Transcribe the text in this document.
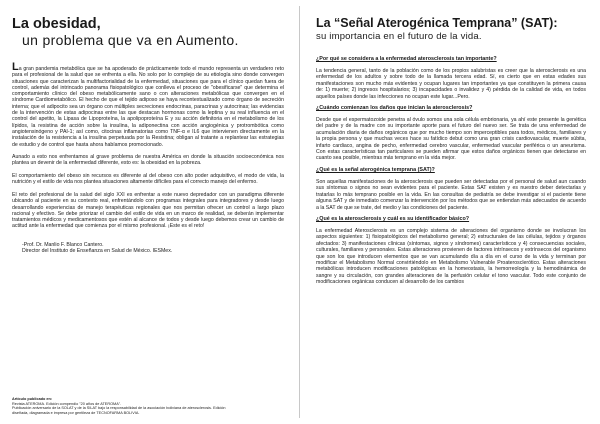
La obesidad,
un problema que va en Aumento.

La gran pandemia metabólica que se ha apoderado de prácticamente todo el mundo representa un verdadero reto para el profesional de la salud que se enfrenta a ella. No solo por lo complejo de su etiología sino donde convergen situaciones que caracterizan la multifactorialidad de la enfermedad, situaciones que para el clínico quedan fuera de control, además del intrincado panorama fisiopatológico que conlleva el proceso de "obesificarse" que determina el comportamiento clínico del obeso metabólicamente sano o con alteraciones metabólicas que convergen en el síndrome Cardiometabólico. El hecho de que el tejido adiposo se haya recontextualizado como órgano de secreción interna; que el adipocito sea un órgano con múltiples secreciones endocrinas, paracrinas y autocrinas; las evidencias de la intervención de estas adipocinas entre las que destacan hormonas como la leptina y su real influencia en el control del apetito, la Lipasa de Lipoproteína, la apolipoproteína E y su acción definitoria en el metabolismo de los lípidos, la resistina de acción sobre la insulina, la adiponectina con acción angiogénica y protrombótica como angiotensinógeno y PAI-1; así como, citocinas inflamatorias como TNF-α e IL6 que intervienen directamente en la instalación de la resistencia a la insulina perpetuada por la Resistina; obligan al tratante a replantear las estrategias de estudio y de control que hasta ahora habíamos promocionado.

Aunado a esto nos enfrentamos al grave problema de nuestra América en donde la situación socioeconómica nos plantea un devenir de la enfermedad diferente, esto es: la obesidad en la pobreza.

El comportamiento del obeso sin recursos es diferente al del obeso con alto poder adquisitivo, el modo de vida, la nutrición y el estilo de vida nos plantea situaciones altamente difíciles para el correcto manejo del enfermo.

El reto del profesional de la salud del siglo XXI es enfrentar a este nuevo depredador con un paradigma diferente ubicando al paciente en su contexto real, enfrentándolo con programas integrales para integradores y desde luego desarrollando experiencias de manejo terapéuticas regionales que nos permitan ofrecer un control a largo plazo racional y efectivo. Se debe priorizar el cambio del estilo de vida en un marco de realidad, se deberán implementar tratamientos médicos y medicamentosos que estén al alcance de todos y desde luego debemos crear un cambio de actitud ante la enfermedad que comienza por el mismo profesional. ¡Este es el reto!

-Prof. Dr. Manlio F. Blanco Cantero.
Director del Instituto de Enseñanza en Salud de México. IESMex.

Artículo publicado en:

Revista ATEROMA. Edición compendio "20 años de ATEROMA".

Publicación aniversario de la SOLAT y de la SILAT bajo la responsabilidad de la asociación boliviana de aterosclerosis. Edición

diseñada, diagramada e impresa por gentileza de TECNOFARMA BOLIVIA.

La “Señal Aterogénica Temprana” (SAT):
su importancia en el futuro de la vida.
¿Por qué se considera a la enfermedad aterosclerosis tan importante?
La tendencia general, tanto de la población como de los propios salubristas es creer que la aterosclerosis es una enfermedad de los adultos y sobre todo de la llamada tercera edad. Sí, es cierto que en estas edades sus manifestaciones son mucho más evidentes y ocupan lugares tan importantes ya que constituyen la primera causa de: 1) muerte; 2) ingresos hospitalarios; 3) incapacidades o invalidez y 4) pérdida de la calidad de vida, en todos aquellos países donde las infecciones no ocupan este lugar...Pero.
¿Cuándo comienzan los daños que inician la aterosclerosis?
Desde que el espermatozoide penetra al óvulo somos una sola célula embrionaria, ya ahí este presente la genética del padre y de la madre con su importante aporte para el futuro del nuevo ser. Se trata de una enfermedad de acumulación diaria de daños orgánicos que por mucho tiempo son imperceptibles para todos, médicos, familiares y la propia persona y que muchas veces hace su fatídico debut como una gran crisis cardiovascular, muerte súbita, infarto cardiaco, angina de pecho, enfermedad cerebro vascular, enfermedad vascular periférica o un aneurisma. Con estas características tan particulares se pueden afirmar que estos daños orgánicos tienen que detectarse en cuanto sea posible, mientras más temprano en la vida mejor.
¿Qué es la señal aterogénica temprana (SAT)?
Son aquellas manifestaciones de la aterosclerosis que pueden ser detectadas por el personal de salud aun cuando sus síntomas o signos no sean evidentes para el paciente. Estas SAT existen y es nuestro deber detectarlas y tratarlas lo más temprano posible en la vida. En las consultas de pediatría se debe investigar si el paciente tiene alguna SAT y de inmediato comenzar la intervención por los métodos que se entiendan más adecuados de acuerdo a la SAT de que se trate, del medio y las condiciones del paciente.
¿Qué es la aterosclerosis y cuál es su identificador básico?
La enfermedad Aterosclerosis es un complejo sistema de alteraciones del organismo donde se involucran los aspectos siguientes: 1) fisiopatológicos del metabolismo general; 2) estructurales de las células, tejidos y órganos afectados: 3) manifestaciones clínicas (síntomas, signos y síndromes) característicos y 4) consecuencias sociales, culturales, familiares y personales. Estas alteraciones provienen de factores intrínsecos y extrínsecos del organismo que son los que introducen elementos que se van acumulando día a día en el curso de la vida y terminan por modificar el Metabolismo Normal convirtiéndolo en Metabolismo Vulnerable Proaterosclerótico. Estas alteraciones metabólicas introducen modificaciones patológicas en la homeostasis, la hemorreología y la hemodinámica de sangre y su circulación, con grandes alteraciones de la perfusión celular el tono vascular. Todo este conjunto de modificaciones orgánicas conducen al desarrollo de los cambios
